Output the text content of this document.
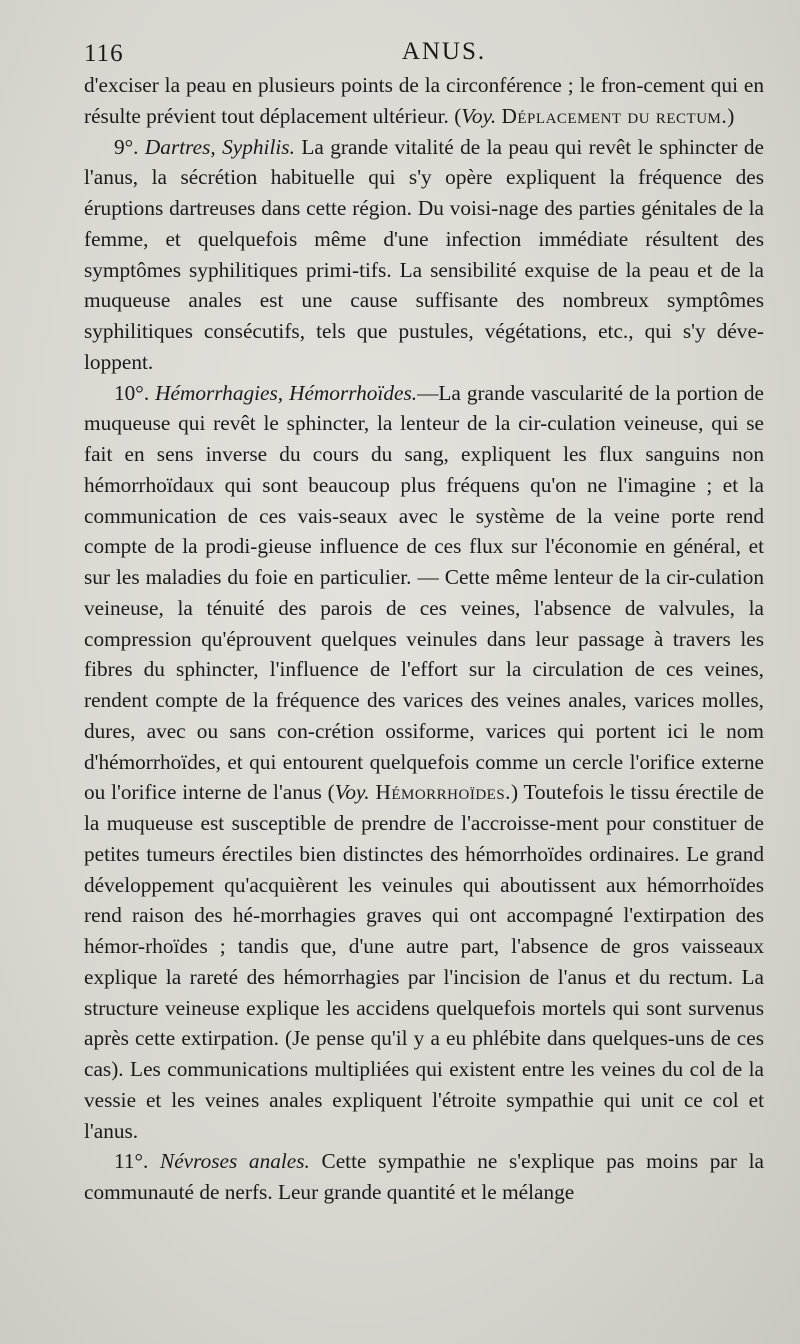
116	ANUS.

d'exciser la peau en plusieurs points de la circonférence ; le fron-cement qui en résulte prévient tout déplacement ultérieur. (Voy. Déplacement du rectum.)

9°. Dartres, Syphilis. La grande vitalité de la peau qui revêt le sphincter de l'anus, la sécrétion habituelle qui s'y opère expliquent la fréquence des éruptions dartreuses dans cette région. Du voisi-nage des parties génitales de la femme, et quelquefois même d'une infection immédiate résultent des symptômes syphilitiques primi-tifs. La sensibilité exquise de la peau et de la muqueuse anales est une cause suffisante des nombreux symptômes syphilitiques consécutifs, tels que pustules, végétations, etc., qui s'y déve-loppent.

10°. Hémorrhagies, Hémorrhoïdes.—La grande vascularité de la portion de muqueuse qui revêt le sphincter, la lenteur de la cir-culation veineuse, qui se fait en sens inverse du cours du sang, expliquent les flux sanguins non hémorrhoïdaux qui sont beaucoup plus fréquens qu'on ne l'imagine ; et la communication de ces vais-seaux avec le système de la veine porte rend compte de la prodi-gieuse influence de ces flux sur l'économie en général, et sur les maladies du foie en particulier. — Cette même lenteur de la cir-culation veineuse, la ténuité des parois de ces veines, l'absence de valvules, la compression qu'éprouvent quelques veinules dans leur passage à travers les fibres du sphincter, l'influence de l'effort sur la circulation de ces veines, rendent compte de la fréquence des varices des veines anales, varices molles, dures, avec ou sans con-crétion ossiforme, varices qui portent ici le nom d'hémorrhoïdes, et qui entourent quelquefois comme un cercle l'orifice externe ou l'orifice interne de l'anus (Voy. Hémorrhoïdes.) Toutefois le tissu érectile de la muqueuse est susceptible de prendre de l'accroisse-ment pour constituer de petites tumeurs érectiles bien distinctes des hémorrhoïdes ordinaires. Le grand développement qu'acquièrent les veinules qui aboutissent aux hémorrhoïdes rend raison des hé-morrhagies graves qui ont accompagné l'extirpation des hémor-rhoïdes ; tandis que, d'une autre part, l'absence de gros vaisseaux explique la rareté des hémorrhagies par l'incision de l'anus et du rectum. La structure veineuse explique les accidens quelquefois mortels qui sont survenus après cette extirpation. (Je pense qu'il y a eu phlébite dans quelques-uns de ces cas). Les communications multipliées qui existent entre les veines du col de la vessie et les veines anales expliquent l'étroite sympathie qui unit ce col et l'anus.

11°. Névroses anales. Cette sympathie ne s'explique pas moins par la communauté de nerfs. Leur grande quantité et le mélange
